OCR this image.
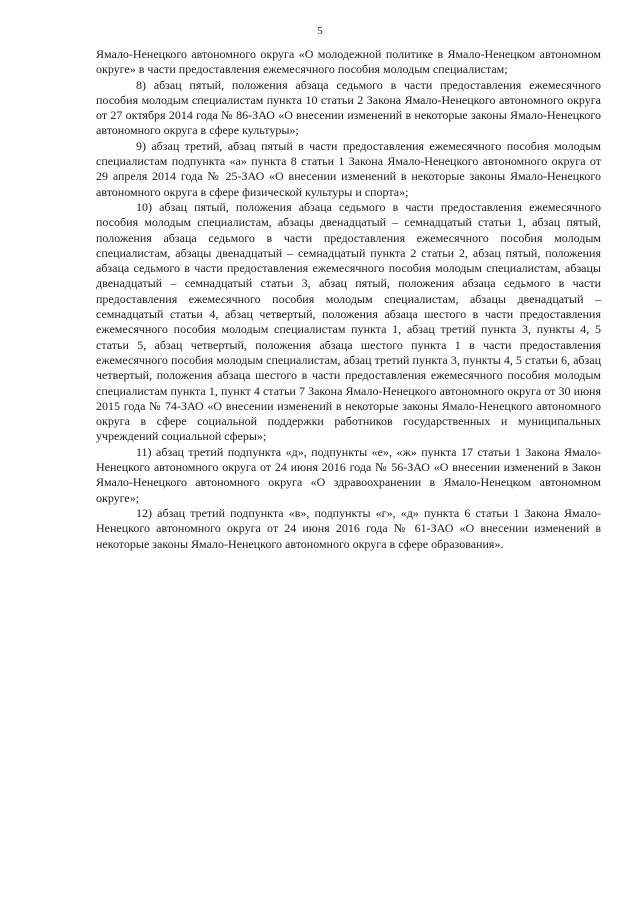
5

Ямало-Ненецкого автономного округа «О молодежной политике в Ямало-Ненецком автономном округе» в части предоставления ежемесячного пособия молодым специалистам;

8) абзац пятый, положения абзаца седьмого в части предоставления ежемесячного пособия молодым специалистам пункта 10 статьи 2 Закона Ямало-Ненецкого автономного округа от 27 октября 2014 года № 86-ЗАО «О внесении изменений в некоторые законы Ямало-Ненецкого автономного округа в сфере культуры»;

9) абзац третий, абзац пятый в части предоставления ежемесячного пособия молодым специалистам подпункта «а» пункта 8 статьи 1 Закона Ямало-Ненецкого автономного округа от 29 апреля 2014 года № 25-ЗАО «О внесении изменений в некоторые законы Ямало-Ненецкого автономного округа в сфере физической культуры и спорта»;

10) абзац пятый, положения абзаца седьмого в части предоставления ежемесячного пособия молодым специалистам, абзацы двенадцатый – семнадцатый статьи 1, абзац пятый, положения абзаца седьмого в части предоставления ежемесячного пособия молодым специалистам, абзацы двенадцатый – семнадцатый пункта 2 статьи 2, абзац пятый, положения абзаца седьмого в части предоставления ежемесячного пособия молодым специалистам, абзацы двенадцатый – семнадцатый статьи 3, абзац пятый, положения абзаца седьмого в части предоставления ежемесячного пособия молодым специалистам, абзацы двенадцатый – семнадцатый статьи 4, абзац четвертый, положения абзаца шестого в части предоставления ежемесячного пособия молодым специалистам пункта 1, абзац третий пункта 3, пункты 4, 5 статьи 5, абзац четвертый, положения абзаца шестого пункта 1 в части предоставления ежемесячного пособия молодым специалистам, абзац третий пункта 3, пункты 4, 5 статьи 6, абзац четвертый, положения абзаца шестого в части предоставления ежемесячного пособия молодым специалистам пункта 1, пункт 4 статьи 7 Закона Ямало-Ненецкого автономного округа от 30 июня 2015 года № 74-ЗАО «О внесении изменений в некоторые законы Ямало-Ненецкого автономного округа в сфере социальной поддержки работников государственных и муниципальных учреждений социальной сферы»;

11) абзац третий подпункта «д», подпункты «е», «ж» пункта 17 статьи 1 Закона Ямало-Ненецкого автономного округа от 24 июня 2016 года № 56-ЗАО «О внесении изменений в Закон Ямало-Ненецкого автономного округа «О здравоохранении в Ямало-Ненецком автономном округе»;

12) абзац третий подпункта «в», подпункты «г», «д» пункта 6 статьи 1 Закона Ямало-Ненецкого автономного округа от 24 июня 2016 года № 61-ЗАО «О внесении изменений в некоторые законы Ямало-Ненецкого автономного округа в сфере образования».
